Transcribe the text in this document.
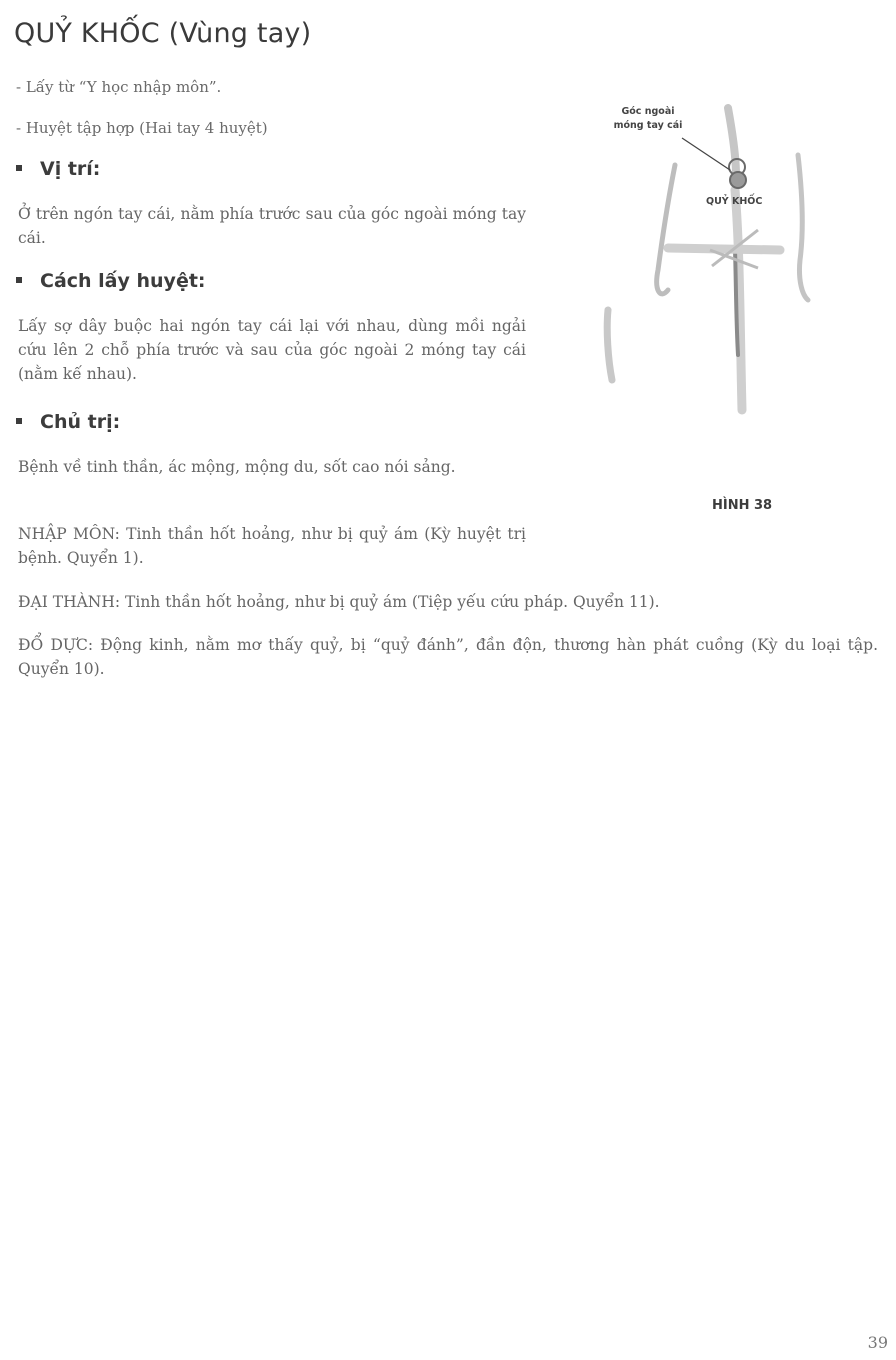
QUỶ KHỐC (Vùng tay)
- Lấy từ “Y học nhập môn”.
- Huyệt tập hợp (Hai tay 4 huyệt)
Vị trí:

Ở trên ngón tay cái, nằm phía trước sau của góc ngoài móng tay cái.

Cách lấy huyệt:

Lấy sợ dây buộc hai ngón tay cái lại với nhau, dùng mồi ngải cứu lên 2 chỗ phía trước và sau của góc ngoài 2 móng tay cái (nằm kế nhau).

Chủ trị:

Bệnh về tinh thần, ác mộng, mộng du, sốt cao nói sảng.

NHẬP MÔN: Tinh thần hốt hoảng, như bị quỷ ám (Kỳ huyệt trị bệnh. Quyển 1).

ĐẠI THÀNH: Tinh thần hốt hoảng, như bị quỷ ám (Tiệp yếu cứu pháp. Quyển 11).

ĐỔ DỰC: Động kinh, nằm mơ thấy quỷ, bị “quỷ đánh”, đần độn, thương hàn phát cuồng (Kỳ du loại tập. Quyển 10).

Góc ngoài
móng tay cái
QUỶ KHỐC
HÌNH 38
39
